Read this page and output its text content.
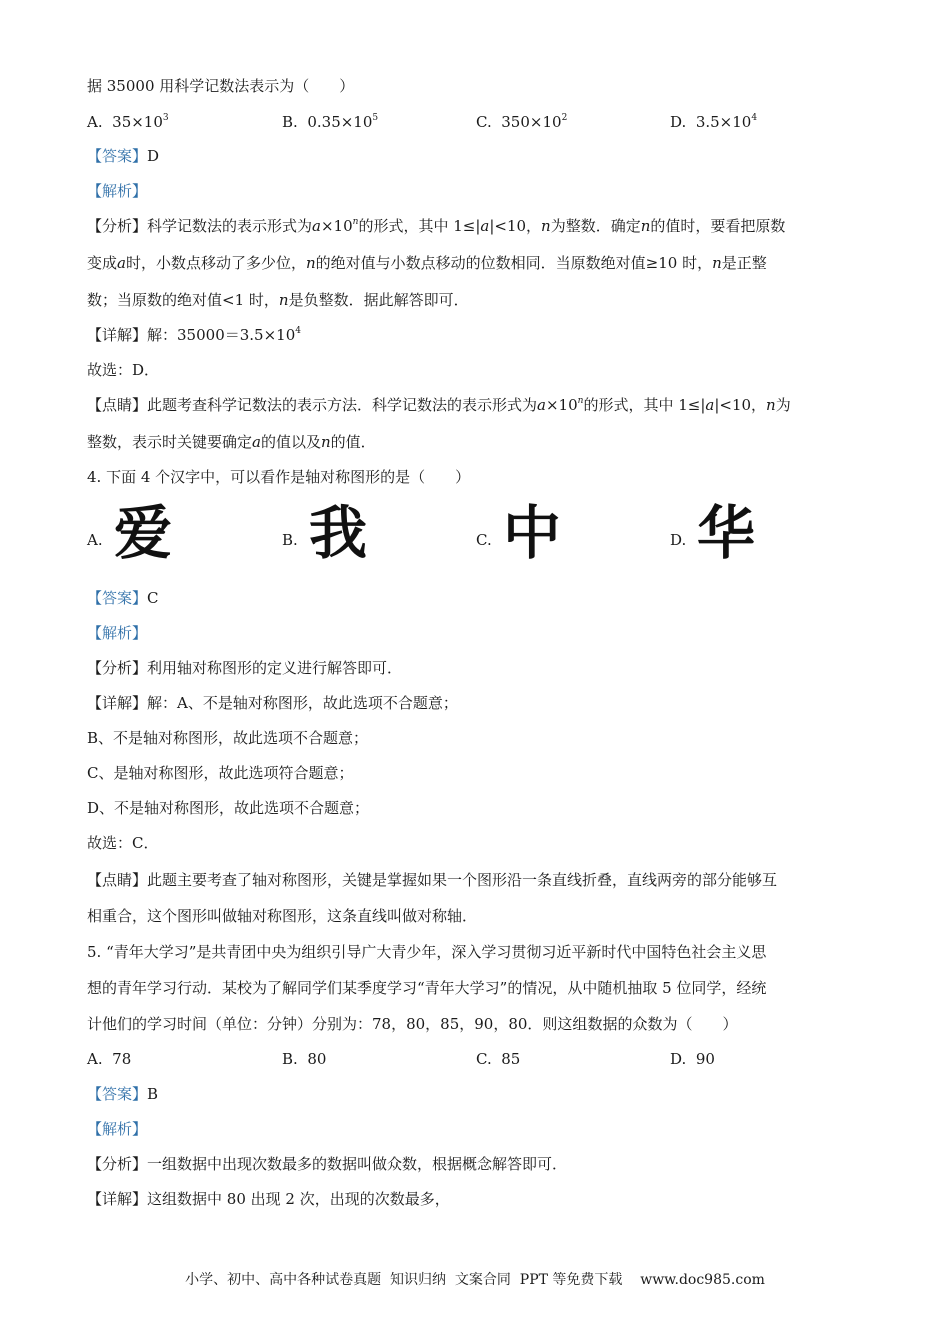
据 35000 用科学记数法表示为（　　）
A. $35\times 10^3$	B. $0.35\times 10^5$	C. $350\times 10^2$	D. $3.5\times 10^4$
【答案】D
【解析】
【分析】科学记数法的表示形式为$a\times 10^n$的形式，其中 1≤|a|<10，n为整数．确定n的值时，要看把原数
变成a时，小数点移动了多少位，n的绝对值与小数点移动的位数相同．当原数绝对值≥10 时，n是正整
数；当原数的绝对值<1 时，n是负整数．据此解答即可．
【详解】解：$35000=3.5\times 10^4$
故选：D．
【点睛】此题考查科学记数法的表示方法．科学记数法的表示形式为$a\times 10^n$的形式，其中 1≤|a|<10，n为
整数，表示时关键要确定a的值以及n的值．
4. 下面 4 个汉字中，可以看作是轴对称图形的是（　　）
A. 爱	B. 我	C. 中	D. 华
【答案】C
【解析】
【分析】利用轴对称图形的定义进行解答即可．
【详解】解：A、不是轴对称图形，故此选项不合题意；
B、不是轴对称图形，故此选项不合题意；
C、是轴对称图形，故此选项符合题意；
D、不是轴对称图形，故此选项不合题意；
故选：C．
【点睛】此题主要考查了轴对称图形，关键是掌握如果一个图形沿一条直线折叠，直线两旁的部分能够互
相重合，这个图形叫做轴对称图形，这条直线叫做对称轴．
5. “青年大学习”是共青团中央为组织引导广大青少年，深入学习贯彻习近平新时代中国特色社会主义思
想的青年学习行动．某校为了解同学们某季度学习“青年大学习”的情况，从中随机抽取 5 位同学，经统
计他们的学习时间（单位：分钟）分别为：78，80，85，90，80．则这组数据的众数为（　　）
A. 78	B. 80	C. 85	D. 90
【答案】B
【解析】
【分析】一组数据中出现次数最多的数据叫做众数，根据概念解答即可．
【详解】这组数据中 80 出现 2 次，出现的次数最多，
小学、初中、高中各种试卷真题  知识归纳  文案合同  PPT 等免费下载    www.doc985.com
